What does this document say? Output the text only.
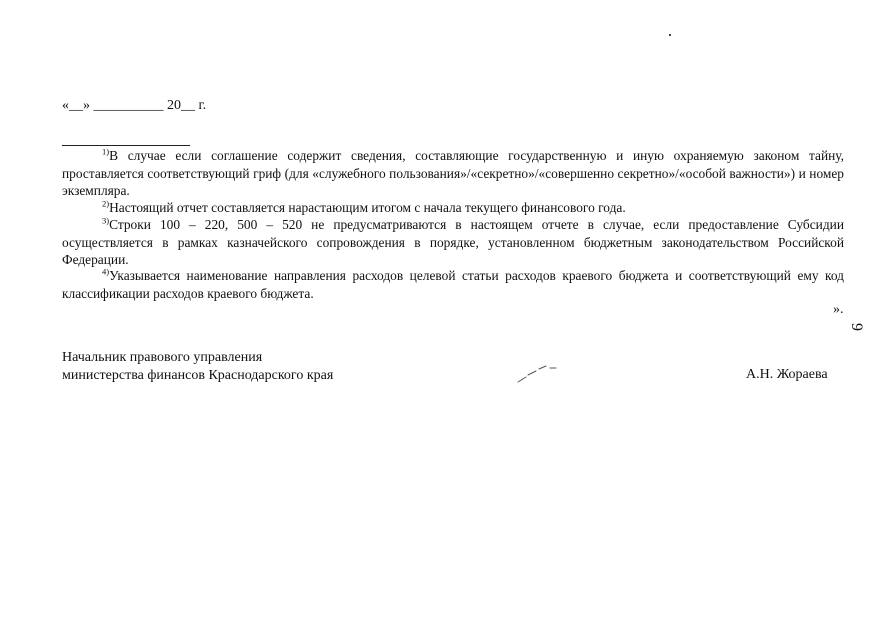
«__» __________ 20__ г.

$^{1)}$В случае если соглашение содержит сведения, составляющие государственную и иную охраняемую законом тайну, проставляется соответствующий гриф (для «служебного пользования»/«секретно»/«совершенно секретно»/«особой важности») и номер экземпляра.

$^{2)}$Настоящий отчет составляется нарастающим итогом с начала текущего финансового года.

$^{3)}$Строки 100 – 220, 500 – 520 не предусматриваются в настоящем отчете в случае, если предоставление Субсидии осуществляется в рамках казначейского сопровождения в порядке, установленном бюджетным законодательством Российской Федерации.

$^{4)}$Указывается наименование направления расходов целевой статьи расходов краевого бюджета и соответствующий ему код классификации расходов краевого бюджета.

».
9
Начальник правового управления
министерства финансов Краснодарского края	А.Н. Жораева
